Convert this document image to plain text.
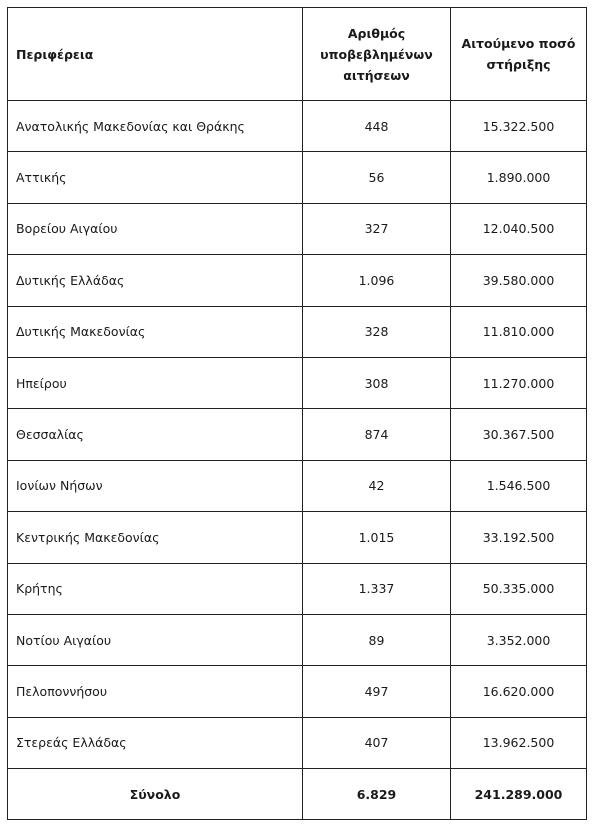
Περιφέρεια	Αριθμός υποβεβλημένων αιτήσεων	Αιτούμενο ποσό στήριξης
Ανατολικής Μακεδονίας και Θράκης	448	15.322.500
Αττικής	56	1.890.000
Βορείου Αιγαίου	327	12.040.500
Δυτικής Ελλάδας	1.096	39.580.000
Δυτικής Μακεδονίας	328	11.810.000
Ηπείρου	308	11.270.000
Θεσσαλίας	874	30.367.500
Ιονίων Νήσων	42	1.546.500
Κεντρικής Μακεδονίας	1.015	33.192.500
Κρήτης	1.337	50.335.000
Νοτίου Αιγαίου	89	3.352.000
Πελοποννήσου	497	16.620.000
Στερεάς Ελλάδας	407	13.962.500
Σύνολο	6.829	241.289.000
